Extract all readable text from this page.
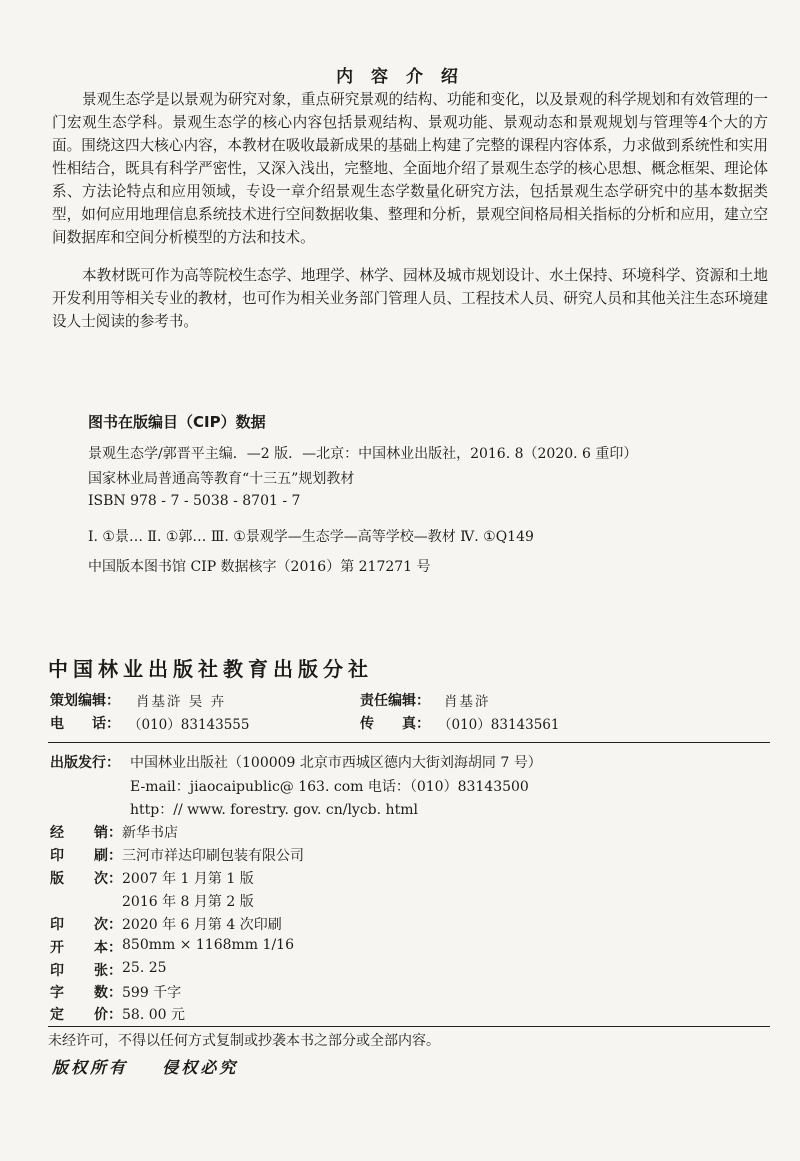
内 容 介 绍

景观生态学是以景观为研究对象，重点研究景观的结构、功能和变化，以及景观的科学规划和有效管理的一门宏观生态学科。景观生态学的核心内容包括景观结构、景观功能、景观动态和景观规划与管理等4个大的方面。围绕这四大核心内容，本教材在吸收最新成果的基础上构建了完整的课程内容体系，力求做到系统性和实用性相结合，既具有科学严密性，又深入浅出，完整地、全面地介绍了景观生态学的核心思想、概念框架、理论体系、方法论特点和应用领域，专设一章介绍景观生态学数量化研究方法，包括景观生态学研究中的基本数据类型，如何应用地理信息系统技术进行空间数据收集、整理和分析，景观空间格局相关指标的分析和应用，建立空间数据库和空间分析模型的方法和技术。

本教材既可作为高等院校生态学、地理学、林学、园林及城市规划设计、水土保持、环境科学、资源和土地开发利用等相关专业的教材，也可作为相关业务部门管理人员、工程技术人员、研究人员和其他关注生态环境建设人士阅读的参考书。

图书在版编目（CIP）数据
景观生态学/郭晋平主编．—2 版．—北京：中国林业出版社，2016. 8（2020. 6 重印）
国家林业局普通高等教育“十三五”规划教材
ISBN 978 - 7 - 5038 - 8701 - 7
Ⅰ. ①景… Ⅱ. ①郭… Ⅲ. ①景观学—生态学—高等学校—教材 Ⅳ. ①Q149
中国版本图书馆 CIP 数据核字（2016）第 217271 号
中国林业出版社教育出版分社
策划编辑： 肖基浒 吴 卉	责任编辑： 肖基浒
电　　话： （010）83143555	传　　真： （010）83143561
出版发行： 中国林业出版社（100009 北京市西城区德内大街刘海胡同 7 号）
E-mail：jiaocaipublic@ 163. com 电话：（010）83143500
http：// www. forestry. gov. cn/lycb. html
经 销： 新华书店
印 刷： 三河市祥达印刷包装有限公司
版 次： 2007 年 1 月第 1 版
2016 年 8 月第 2 版
印 次： 2020 年 6 月第 4 次印刷
开 本： 850mm × 1168mm 1/16
印 张： 25. 25
字 数： 599 千字
定 价： 58. 00 元
未经许可，不得以任何方式复制或抄袭本书之部分或全部内容。
版权所有    侵权必究
